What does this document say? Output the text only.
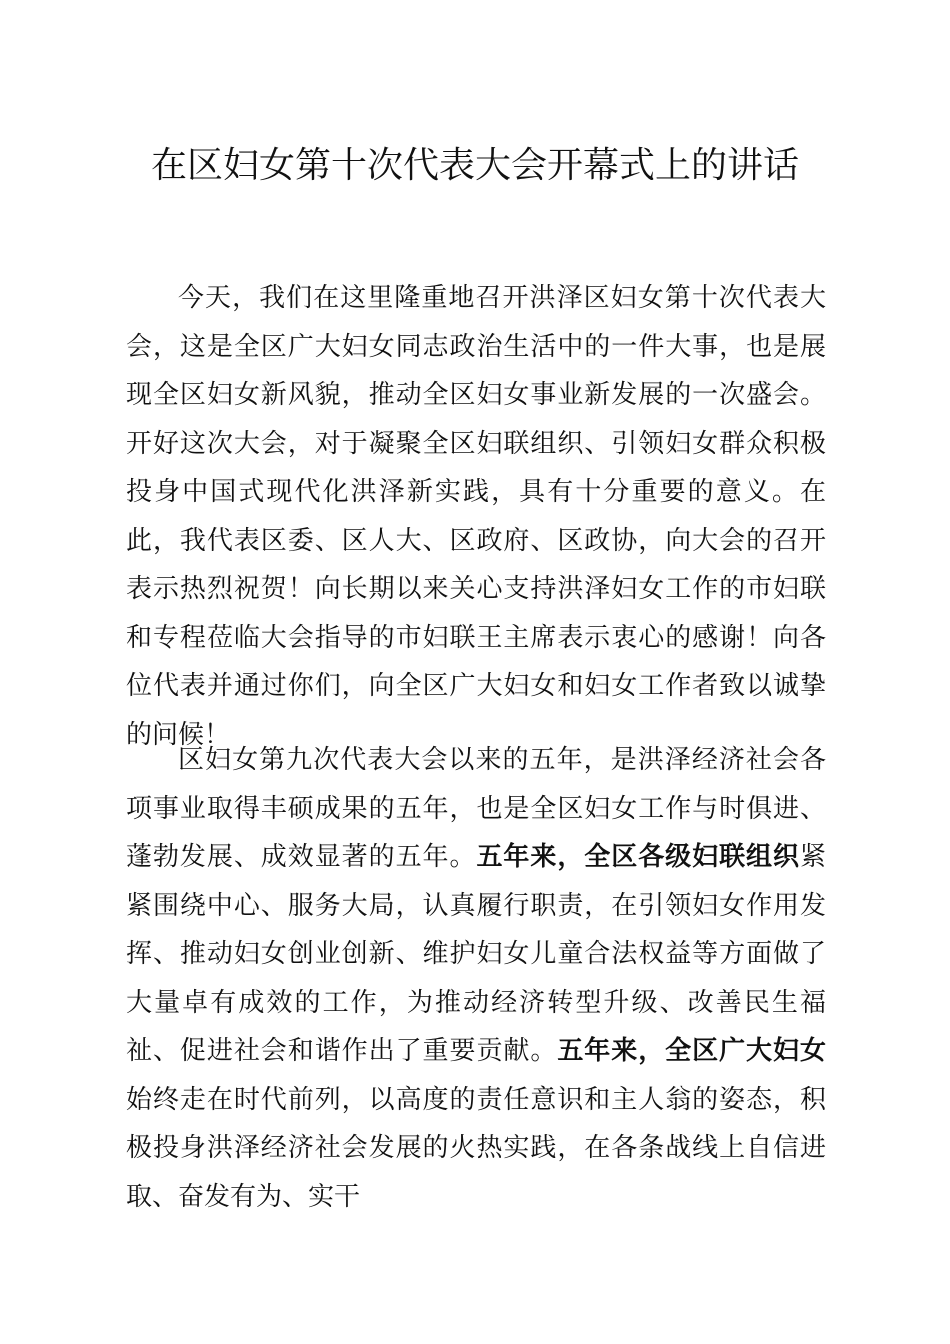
在区妇女第十次代表大会开幕式上的讲话

今天，我们在这里隆重地召开洪泽区妇女第十次代表大会，这是全区广大妇女同志政治生活中的一件大事，也是展现全区妇女新风貌，推动全区妇女事业新发展的一次盛会。开好这次大会，对于凝聚全区妇联组织、引领妇女群众积极投身中国式现代化洪泽新实践，具有十分重要的意义。在此，我代表区委、区人大、区政府、区政协，向大会的召开表示热烈祝贺！向长期以来关心支持洪泽妇女工作的市妇联和专程莅临大会指导的市妇联王主席表示衷心的感谢！向各位代表并通过你们，向全区广大妇女和妇女工作者致以诚挚的问候！

区妇女第九次代表大会以来的五年，是洪泽经济社会各项事业取得丰硕成果的五年，也是全区妇女工作与时俱进、蓬勃发展、成效显著的五年。五年来，全区各级妇联组织紧紧围绕中心、服务大局，认真履行职责，在引领妇女作用发挥、推动妇女创业创新、维护妇女儿童合法权益等方面做了大量卓有成效的工作，为推动经济转型升级、改善民生福祉、促进社会和谐作出了重要贡献。五年来，全区广大妇女始终走在时代前列，以高度的责任意识和主人翁的姿态，积极投身洪泽经济社会发展的火热实践，在各条战线上自信进取、奋发有为、实干
